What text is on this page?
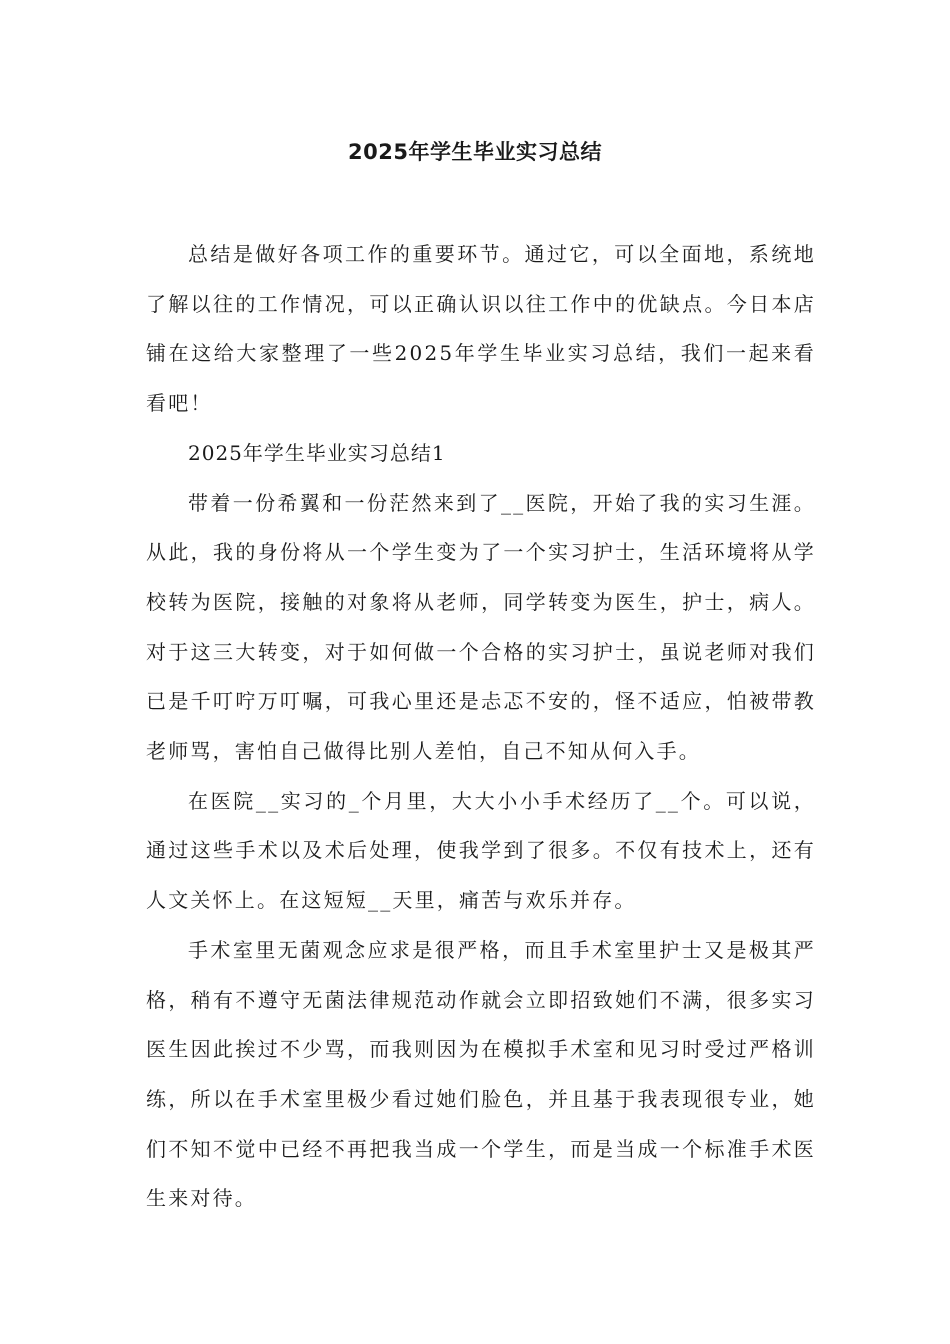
2025年学生毕业实习总结

总结是做好各项工作的重要环节。通过它，可以全面地，系统地了解以往的工作情况，可以正确认识以往工作中的优缺点。今日本店铺在这给大家整理了一些2025年学生毕业实习总结，我们一起来看看吧！

2025年学生毕业实习总结1

带着一份希翼和一份茫然来到了__医院，开始了我的实习生涯。从此，我的身份将从一个学生变为了一个实习护士，生活环境将从学校转为医院，接触的对象将从老师，同学转变为医生，护士，病人。对于这三大转变，对于如何做一个合格的实习护士，虽说老师对我们已是千叮咛万叮嘱，可我心里还是忐忑不安的，怪不适应，怕被带教老师骂，害怕自己做得比别人差怕，自己不知从何入手。

在医院__实习的_个月里，大大小小手术经历了__个。可以说，通过这些手术以及术后处理，使我学到了很多。不仅有技术上，还有人文关怀上。在这短短__天里，痛苦与欢乐并存。

手术室里无菌观念应求是很严格，而且手术室里护士又是极其严格，稍有不遵守无菌法律规范动作就会立即招致她们不满，很多实习医生因此挨过不少骂，而我则因为在模拟手术室和见习时受过严格训练，所以在手术室里极少看过她们脸色，并且基于我表现很专业，她们不知不觉中已经不再把我当成一个学生，而是当成一个标准手术医生来对待。
